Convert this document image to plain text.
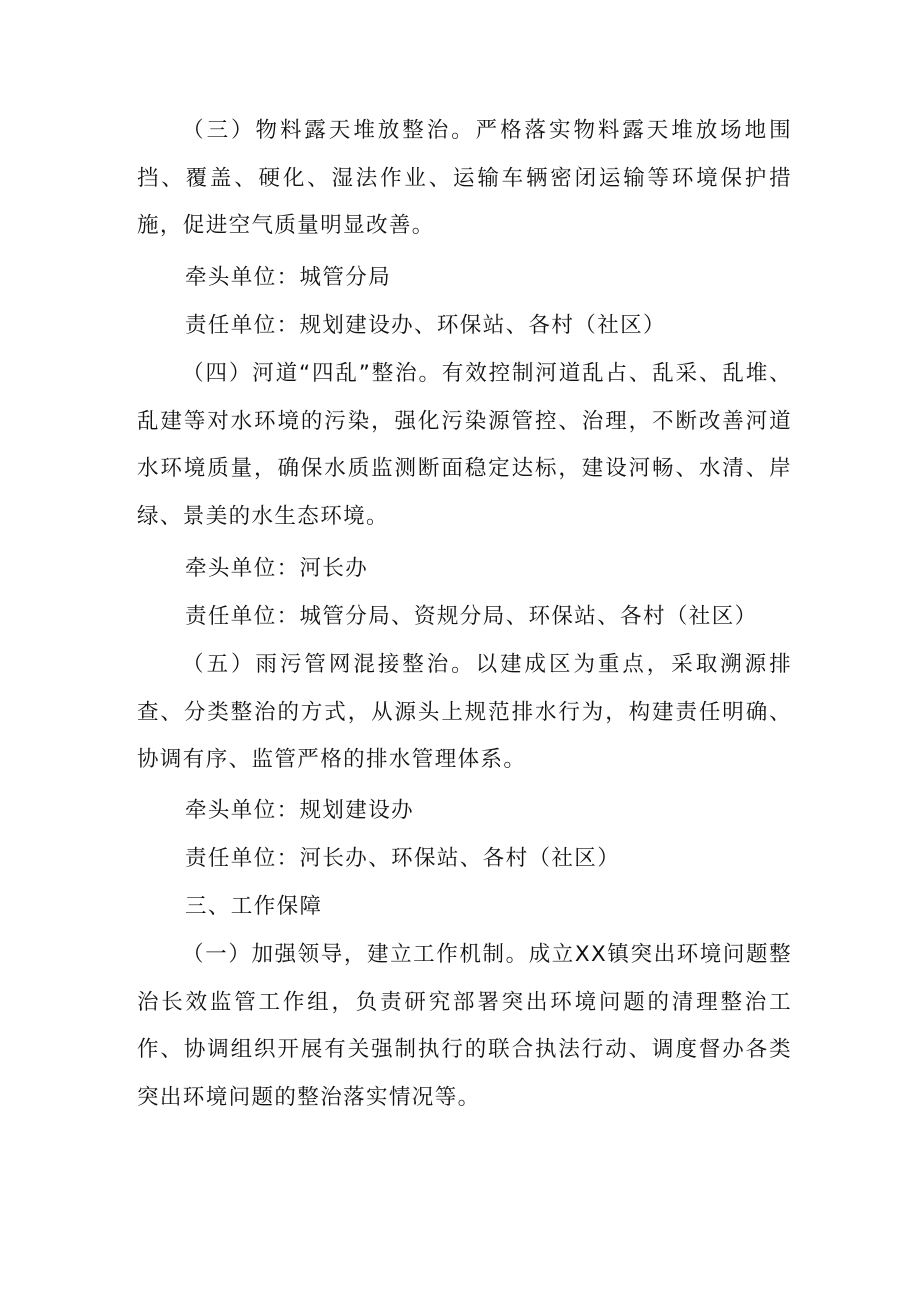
（三）物料露天堆放整治。严格落实物料露天堆放场地围挡、覆盖、硬化、湿法作业、运输车辆密闭运输等环境保护措施，促进空气质量明显改善。

牵头单位：城管分局

责任单位：规划建设办、环保站、各村（社区）

（四）河道“四乱”整治。有效控制河道乱占、乱采、乱堆、乱建等对水环境的污染，强化污染源管控、治理，不断改善河道水环境质量，确保水质监测断面稳定达标，建设河畅、水清、岸绿、景美的水生态环境。

牵头单位：河长办

责任单位：城管分局、资规分局、环保站、各村（社区）

（五）雨污管网混接整治。以建成区为重点，采取溯源排查、分类整治的方式，从源头上规范排水行为，构建责任明确、协调有序、监管严格的排水管理体系。

牵头单位：规划建设办

责任单位：河长办、环保站、各村（社区）

三、工作保障

（一）加强领导，建立工作机制。成立XX镇突出环境问题整治长效监管工作组，负责研究部署突出环境问题的清理整治工作、协调组织开展有关强制执行的联合执法行动、调度督办各类突出环境问题的整治落实情况等。
